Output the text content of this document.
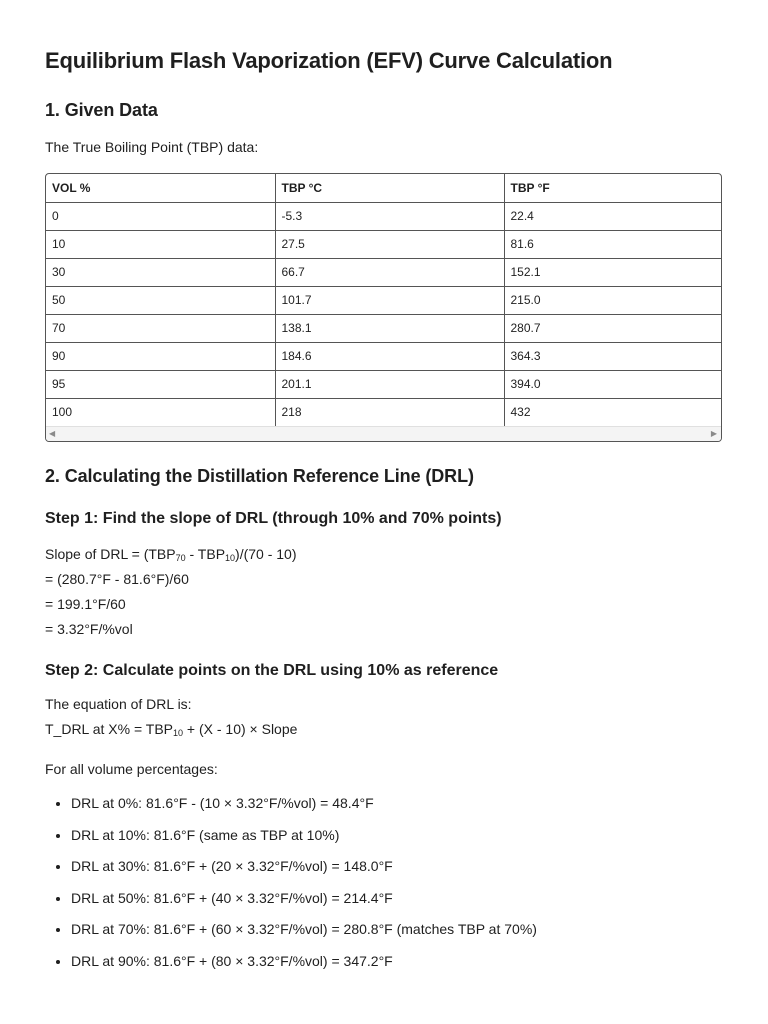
Equilibrium Flash Vaporization (EFV) Curve Calculation
1. Given Data

The True Boiling Point (TBP) data:

VOL %	TBP °C	TBP °F
0	-5.3	22.4
10	27.5	81.6
30	66.7	152.1
50	101.7	215.0
70	138.1	280.7
90	184.6	364.3
95	201.1	394.0
100	218	432
◀	▶
2. Calculating the Distillation Reference Line (DRL)
Step 1: Find the slope of DRL (through 10% and 70% points)
Slope of DRL = $(TBP_{70} - TBP_{10})/(70 - 10)$
= (280.7°F - 81.6°F)/60
= 199.1°F/60
= 3.32°F/%vol
Step 2: Calculate points on the DRL using 10% as reference
The equation of DRL is:
T_DRL at $X\% = TBP_{10} + (X - 10)$ × Slope

For all volume percentages:

• DRL at 0%: 81.6°F - (10 × 3.32°F/%vol) = 48.4°F
• DRL at 10%: 81.6°F (same as TBP at 10%)
• DRL at 30%: 81.6°F + (20 × 3.32°F/%vol) = 148.0°F
• DRL at 50%: 81.6°F + (40 × 3.32°F/%vol) = 214.4°F
• DRL at 70%: 81.6°F + (60 × 3.32°F/%vol) = 280.8°F (matches TBP at 70%)
• DRL at 90%: 81.6°F + (80 × 3.32°F/%vol) = 347.2°F
